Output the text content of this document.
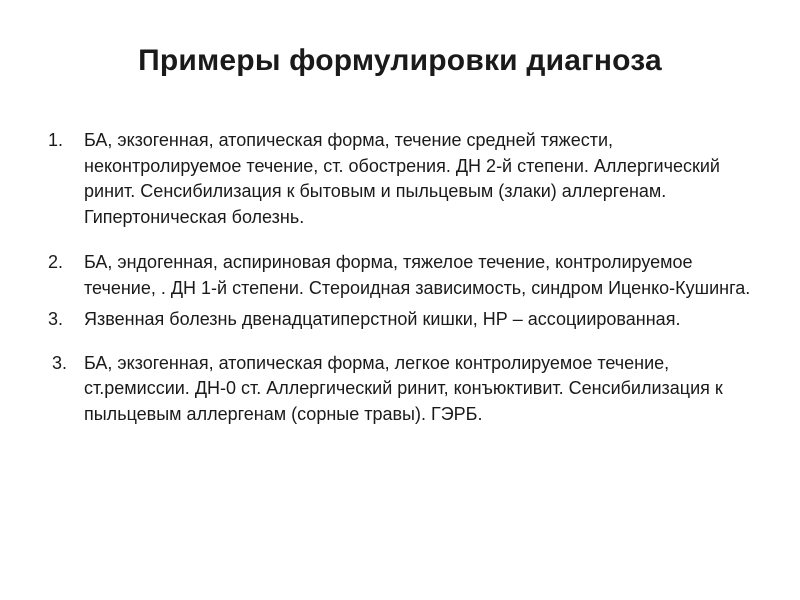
Примеры формулировки диагноза
1. БА, экзогенная, атопическая форма, течение средней тяжести, неконтролируемое течение, ст. обострения. ДН 2-й степени. Аллергический ринит. Сенсибилизация к бытовым и пыльцевым (злаки) аллергенам. Гипертоническая болезнь.
2. БА, эндогенная, аспириновая форма, тяжелое течение, контролируемое течение, . ДН 1-й степени. Стероидная зависимость, синдром Иценко-Кушинга.
3. Язвенная болезнь двенадцатиперстной кишки, НР – ассоциированная.
3. БА, экзогенная, атопическая форма, легкое контролируемое течение, ст.ремиссии. ДН-0 ст. Аллергический ринит, конъюктивит. Сенсибилизация к пыльцевым аллергенам (сорные травы). ГЭРБ.
